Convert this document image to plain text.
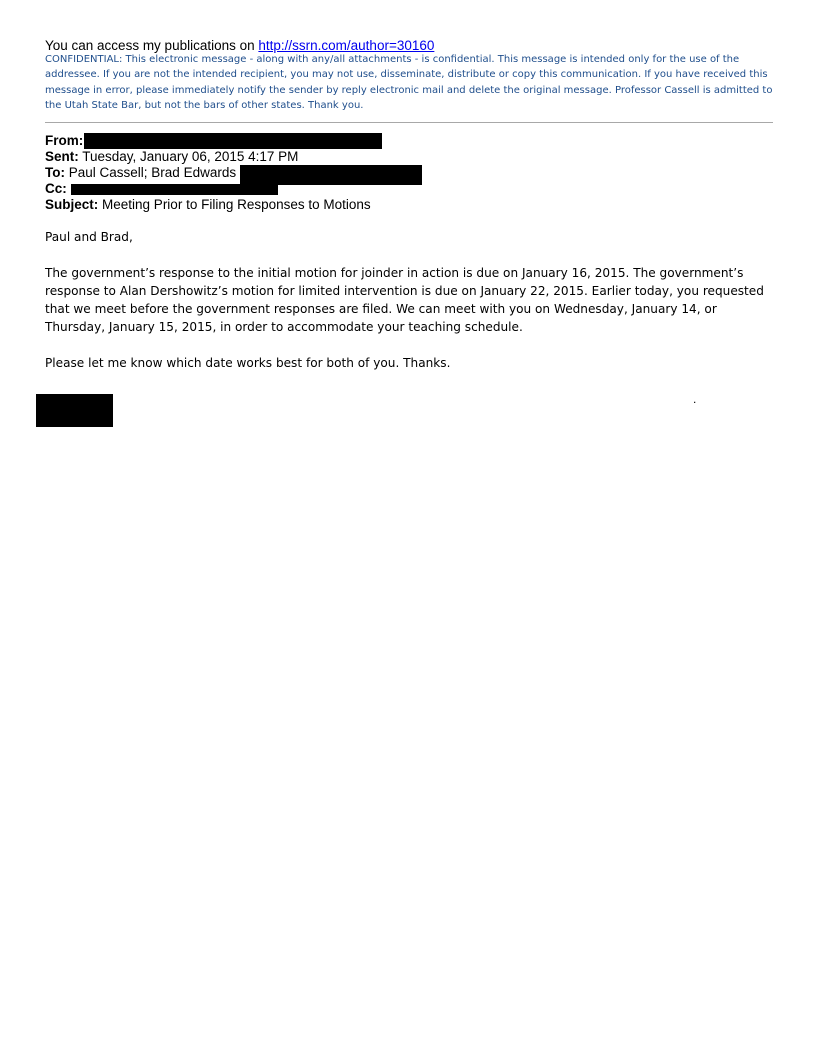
You can access my publications on http://ssrn.com/author=30160
CONFIDENTIAL: This electronic message - along with any/all attachments - is confidential. This message is intended only for the use of the addressee. If you are not the intended recipient, you may not use, disseminate, distribute or copy this communication. If you have received this message in error, please immediately notify the sender by reply electronic mail and delete the original message. Professor Cassell is admitted to the Utah State Bar, but not the bars of other states. Thank you.
From:
Sent: Tuesday, January 06, 2015 4:17 PM
To: Paul Cassell; Brad Edwards
Cc:
Subject: Meeting Prior to Filing Responses to Motions

Paul and Brad,

The government’s response to the initial motion for joinder in action is due on January 16, 2015. The government’s response to Alan Dershowitz’s motion for limited intervention is due on January 22, 2015. Earlier today, you requested that we meet before the government responses are filed. We can meet with you on Wednesday, January 14, or Thursday, January 15, 2015, in order to accommodate your teaching schedule.

Please let me know which date works best for both of you. Thanks.

.
